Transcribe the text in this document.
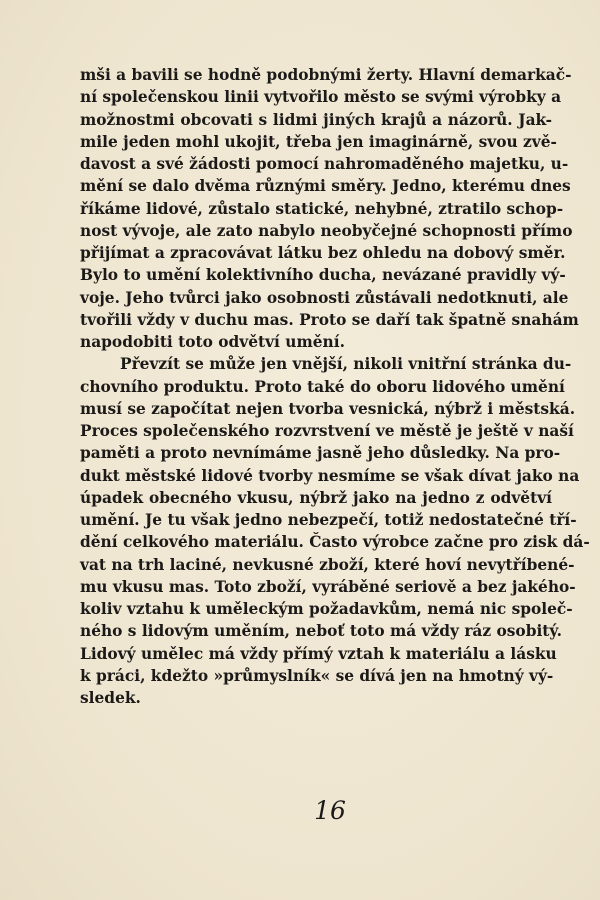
mši a bavili se hodně podobnými žerty. Hlavní demarkač-
ní společenskou linii vytvořilo město se svými výrobky a
možnostmi obcovati s lidmi jiných krajů a názorů. Jak-
mile jeden mohl ukojit, třeba jen imaginárně, svou zvě-
davost a své žádosti pomocí nahromaděného majetku, u-
mění se dalo dvěma různými směry. Jedno, kterému dnes
říkáme lidové, zůstalo statické, nehybné, ztratilo schop-
nost vývoje, ale zato nabylo neobyčejné schopnosti přímo
přijímat a zpracovávat látku bez ohledu na dobový směr.
Bylo to umění kolektivního ducha, nevázané pravidly vý-
voje. Jeho tvůrci jako osobnosti zůstávali nedotknuti, ale
tvořili vždy v duchu mas. Proto se daří tak špatně snahám
napodobiti toto odvětví umění.
Převzít se může jen vnější, nikoli vnitřní stránka du-
chovního produktu. Proto také do oboru lidového umění
musí se započítat nejen tvorba vesnická, nýbrž i městská.
Proces společenského rozvrstvení ve městě je ještě v naší
paměti a proto nevnímáme jasně jeho důsledky. Na pro-
dukt městské lidové tvorby nesmíme se však dívat jako na
úpadek obecného vkusu, nýbrž jako na jedno z odvětví
umění. Je tu však jedno nebezpečí, totiž nedostatečné tří-
dění celkového materiálu. Často výrobce začne pro zisk dá-
vat na trh laciné, nevkusné zboží, které hoví nevytříbené-
mu vkusu mas. Toto zboží, vyráběné seriově a bez jakého-
koliv vztahu k uměleckým požadavkům, nemá nic společ-
ného s lidovým uměním, neboť toto má vždy ráz osobitý.
Lidový umělec má vždy přímý vztah k materiálu a lásku
k práci, kdežto »průmyslník« se dívá jen na hmotný vý-
sledek.
16
